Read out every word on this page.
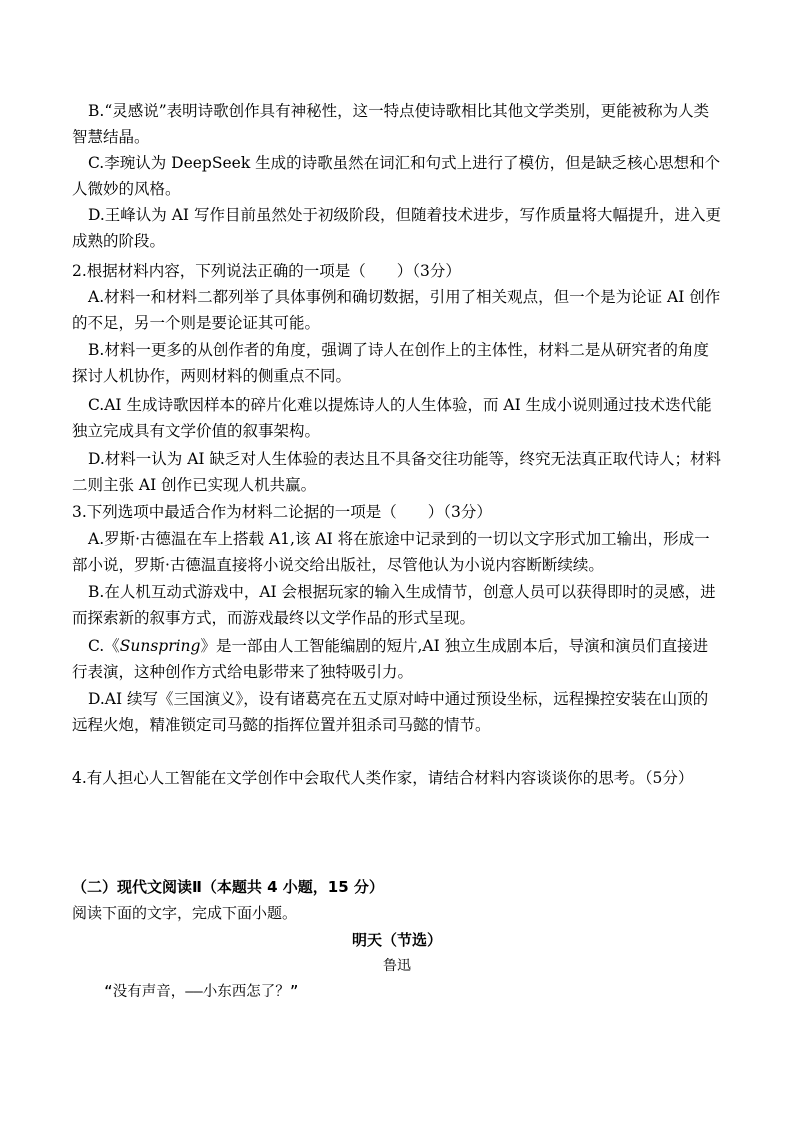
B.“灵感说”表明诗歌创作具有神秘性，这一特点使诗歌相比其他文学类别，更能被称为人类智慧结晶。

C.李琬认为 DeepSeek 生成的诗歌虽然在词汇和句式上进行了模仿，但是缺乏核心思想和个人微妙的风格。

D.王峰认为 AI 写作目前虽然处于初级阶段，但随着技术进步，写作质量将大幅提升，进入更成熟的阶段。

2.根据材料内容，下列说法正确的一项是（　　）（3分）

A.材料一和材料二都列举了具体事例和确切数据，引用了相关观点，但一个是为论证 AI 创作的不足，另一个则是要论证其可能。

B.材料一更多的从创作者的角度，强调了诗人在创作上的主体性，材料二是从研究者的角度探讨人机协作，两则材料的侧重点不同。

C.AI 生成诗歌因样本的碎片化难以提炼诗人的人生体验，而 AI 生成小说则通过技术迭代能独立完成具有文学价值的叙事架构。

D.材料一认为 AI 缺乏对人生体验的表达且不具备交往功能等，终究无法真正取代诗人；材料二则主张 AI 创作已实现人机共赢。

3.下列选项中最适合作为材料二论据的一项是（　　）（3分）

A.罗斯·古德温在车上搭载 A1,该 AI 将在旅途中记录到的一切以文字形式加工输出，形成一部小说，罗斯·古德温直接将小说交给出版社，尽管他认为小说内容断断续续。

B.在人机互动式游戏中，AI 会根据玩家的输入生成情节，创意人员可以获得即时的灵感，进而探索新的叙事方式，而游戏最终以文学作品的形式呈现。

C.《Sunspring》是一部由人工智能编剧的短片,AI 独立生成剧本后，导演和演员们直接进行表演，这种创作方式给电影带来了独特吸引力。

D.AI 续写《三国演义》，设有诸葛亮在五丈原对峙中通过预设坐标，远程操控安装在山顶的远程火炮，精准锁定司马懿的指挥位置并狙杀司马懿的情节。

4.有人担心人工智能在文学创作中会取代人类作家，请结合材料内容谈谈你的思考。（5分）

（二）现代文阅读Ⅱ（本题共 4 小题，15 分）

阅读下面的文字，完成下面小题。

明天（节选）

鲁迅

“没有声音，——小东西怎了？”
